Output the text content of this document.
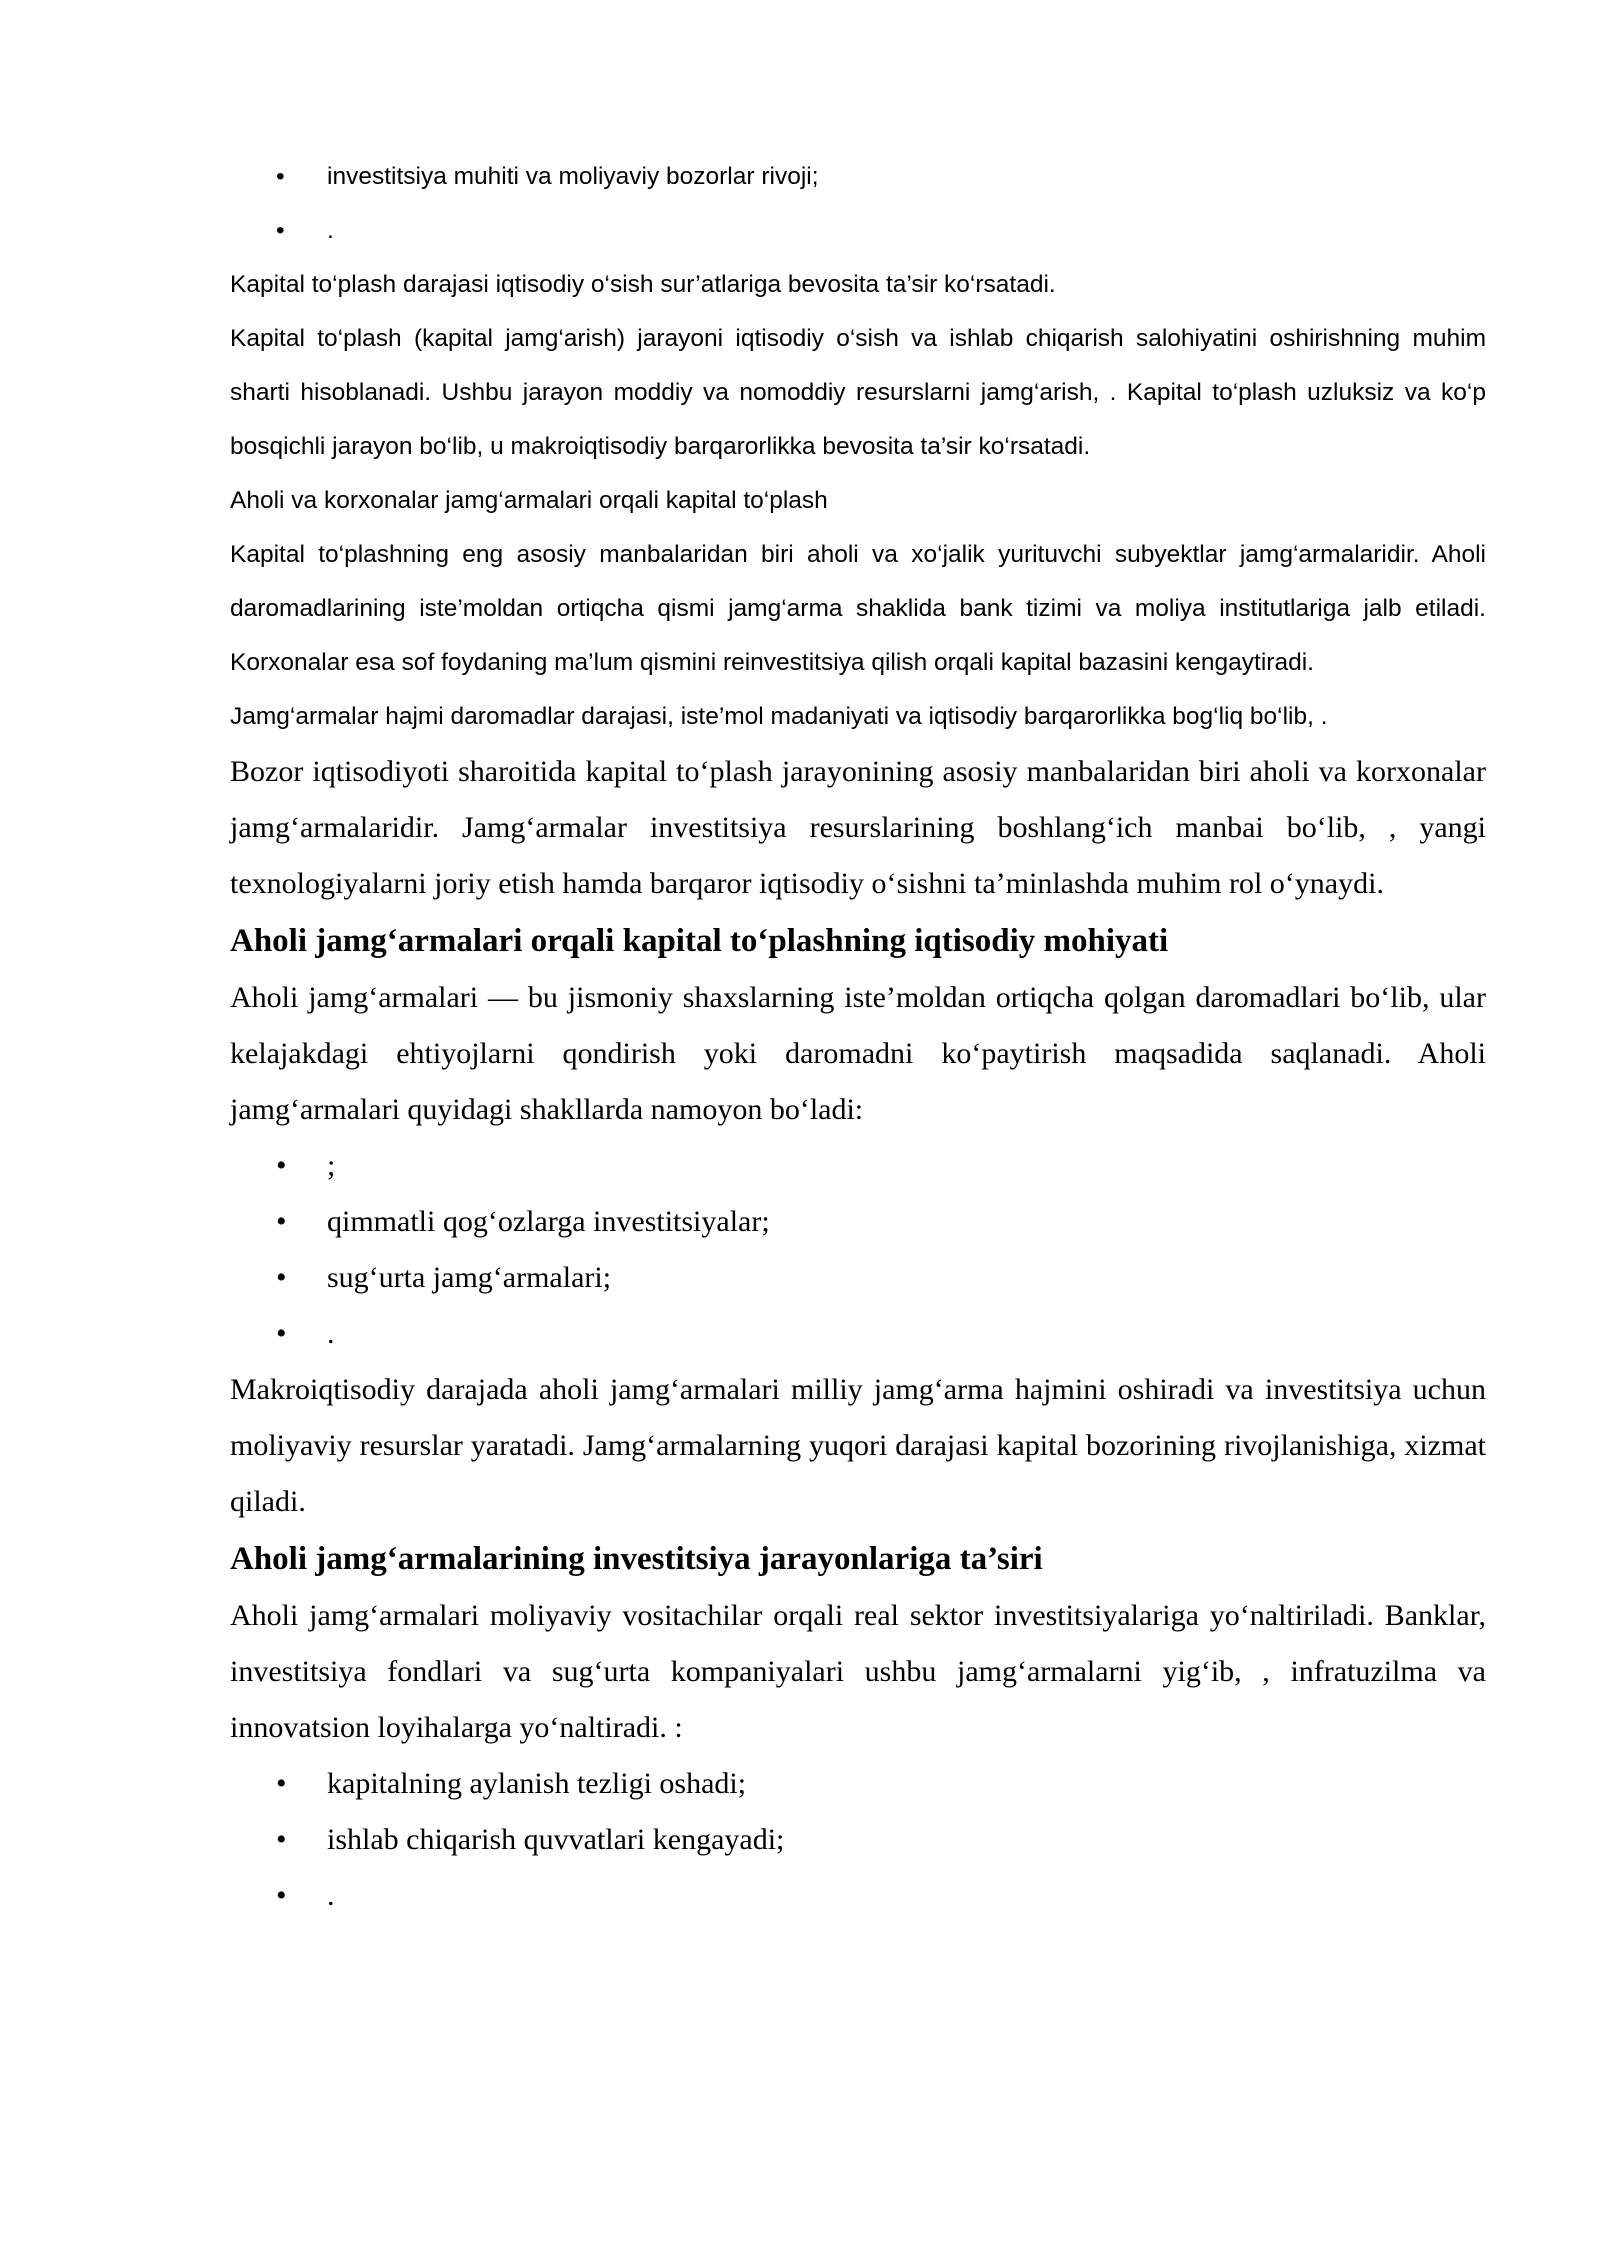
• investitsiya muhiti va moliyaviy bozorlar rivoji;
• .

Kapital to‘plash darajasi iqtisodiy o‘sish sur’atlariga bevosita ta’sir ko‘rsatadi.

Kapital to‘plash (kapital jamg‘arish) jarayoni iqtisodiy o‘sish va ishlab chiqarish salohiyatini oshirishning muhim sharti hisoblanadi. Ushbu jarayon moddiy va nomoddiy resurslarni jamg‘arish, . Kapital to‘plash uzluksiz va ko‘p bosqichli jarayon bo‘lib, u makroiqtisodiy barqarorlikka bevosita ta’sir ko‘rsatadi.

Aholi va korxonalar jamg‘armalari orqali kapital to‘plash

Kapital to‘plashning eng asosiy manbalaridan biri aholi va xo‘jalik yurituvchi subyektlar jamg‘armalaridir. Aholi daromadlarining iste’moldan ortiqcha qismi jamg‘arma shaklida bank tizimi va moliya institutlariga jalb etiladi. Korxonalar esa sof foydaning ma’lum qismini reinvestitsiya qilish orqali kapital bazasini kengaytiradi.

Jamg‘armalar hajmi daromadlar darajasi, iste’mol madaniyati va iqtisodiy barqarorlikka bog‘liq bo‘lib, .

Bozor iqtisodiyoti sharoitida kapital to‘plash jarayonining asosiy manbalaridan biri aholi va korxonalar jamg‘armalaridir. Jamg‘armalar investitsiya resurslarining boshlang‘ich manbai bo‘lib, , yangi texnologiyalarni joriy etish hamda barqaror iqtisodiy o‘sishni ta’minlashda muhim rol o‘ynaydi.

Aholi jamg‘armalari orqali kapital to‘plashning iqtisodiy mohiyati

Aholi jamg‘armalari — bu jismoniy shaxslarning iste’moldan ortiqcha qolgan daromadlari bo‘lib, ular kelajakdagi ehtiyojlarni qondirish yoki daromadni ko‘paytirish maqsadida saqlanadi. Aholi jamg‘armalari quyidagi shakllarda namoyon bo‘ladi:

• ;
• qimmatli qog‘ozlarga investitsiyalar;
• sug‘urta jamg‘armalari;
• .

Makroiqtisodiy darajada aholi jamg‘armalari milliy jamg‘arma hajmini oshiradi va investitsiya uchun moliyaviy resurslar yaratadi. Jamg‘armalarning yuqori darajasi kapital bozorining rivojlanishiga, xizmat qiladi.

Aholi jamg‘armalarining investitsiya jarayonlariga ta’siri

Aholi jamg‘armalari moliyaviy vositachilar orqali real sektor investitsiyalariga yo‘naltiriladi. Banklar, investitsiya fondlari va sug‘urta kompaniyalari ushbu jamg‘armalarni yig‘ib, , infratuzilma va innovatsion loyihalarga yo‘naltiradi. :

• kapitalning aylanish tezligi oshadi;
• ishlab chiqarish quvvatlari kengayadi;
• .
